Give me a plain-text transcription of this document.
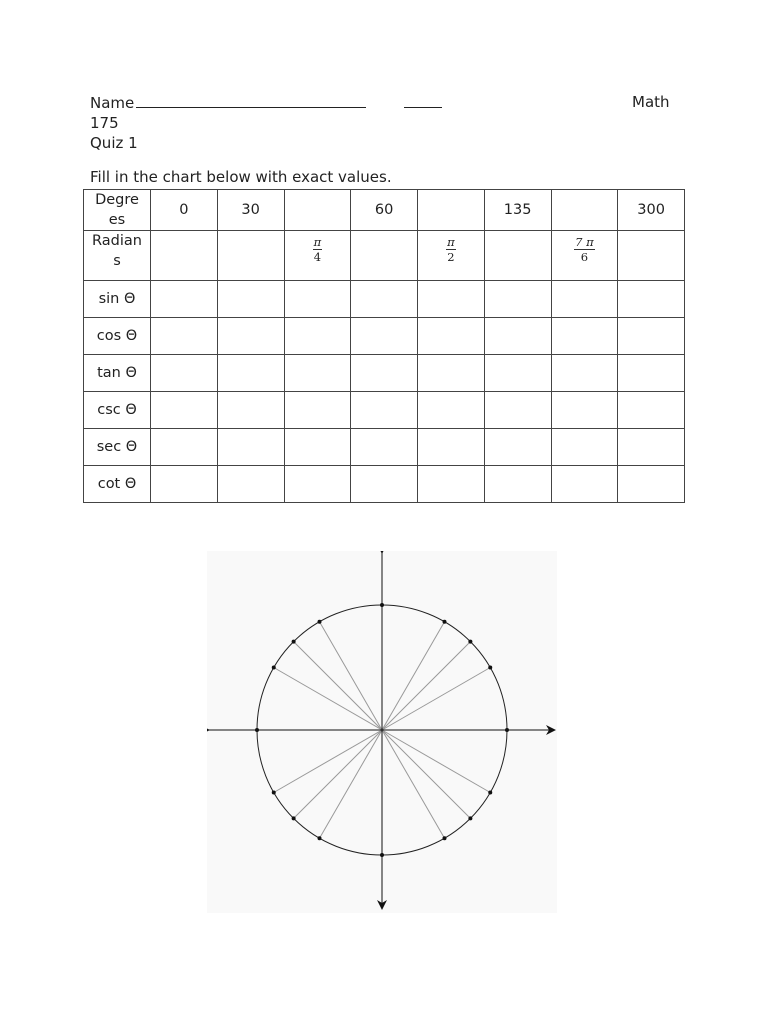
Name	Math
175
Quiz 1
Fill in the chart below with exact values.
Degre
es	0	30		60		135		300

Radian
s			$\frac{\pi}{4}$		$\frac{\pi}{2}$		$\frac{7 \pi}{6}$

sin Θ								
cos Θ								
tan Θ								
csc Θ								
sec Θ								
cot Θ								
